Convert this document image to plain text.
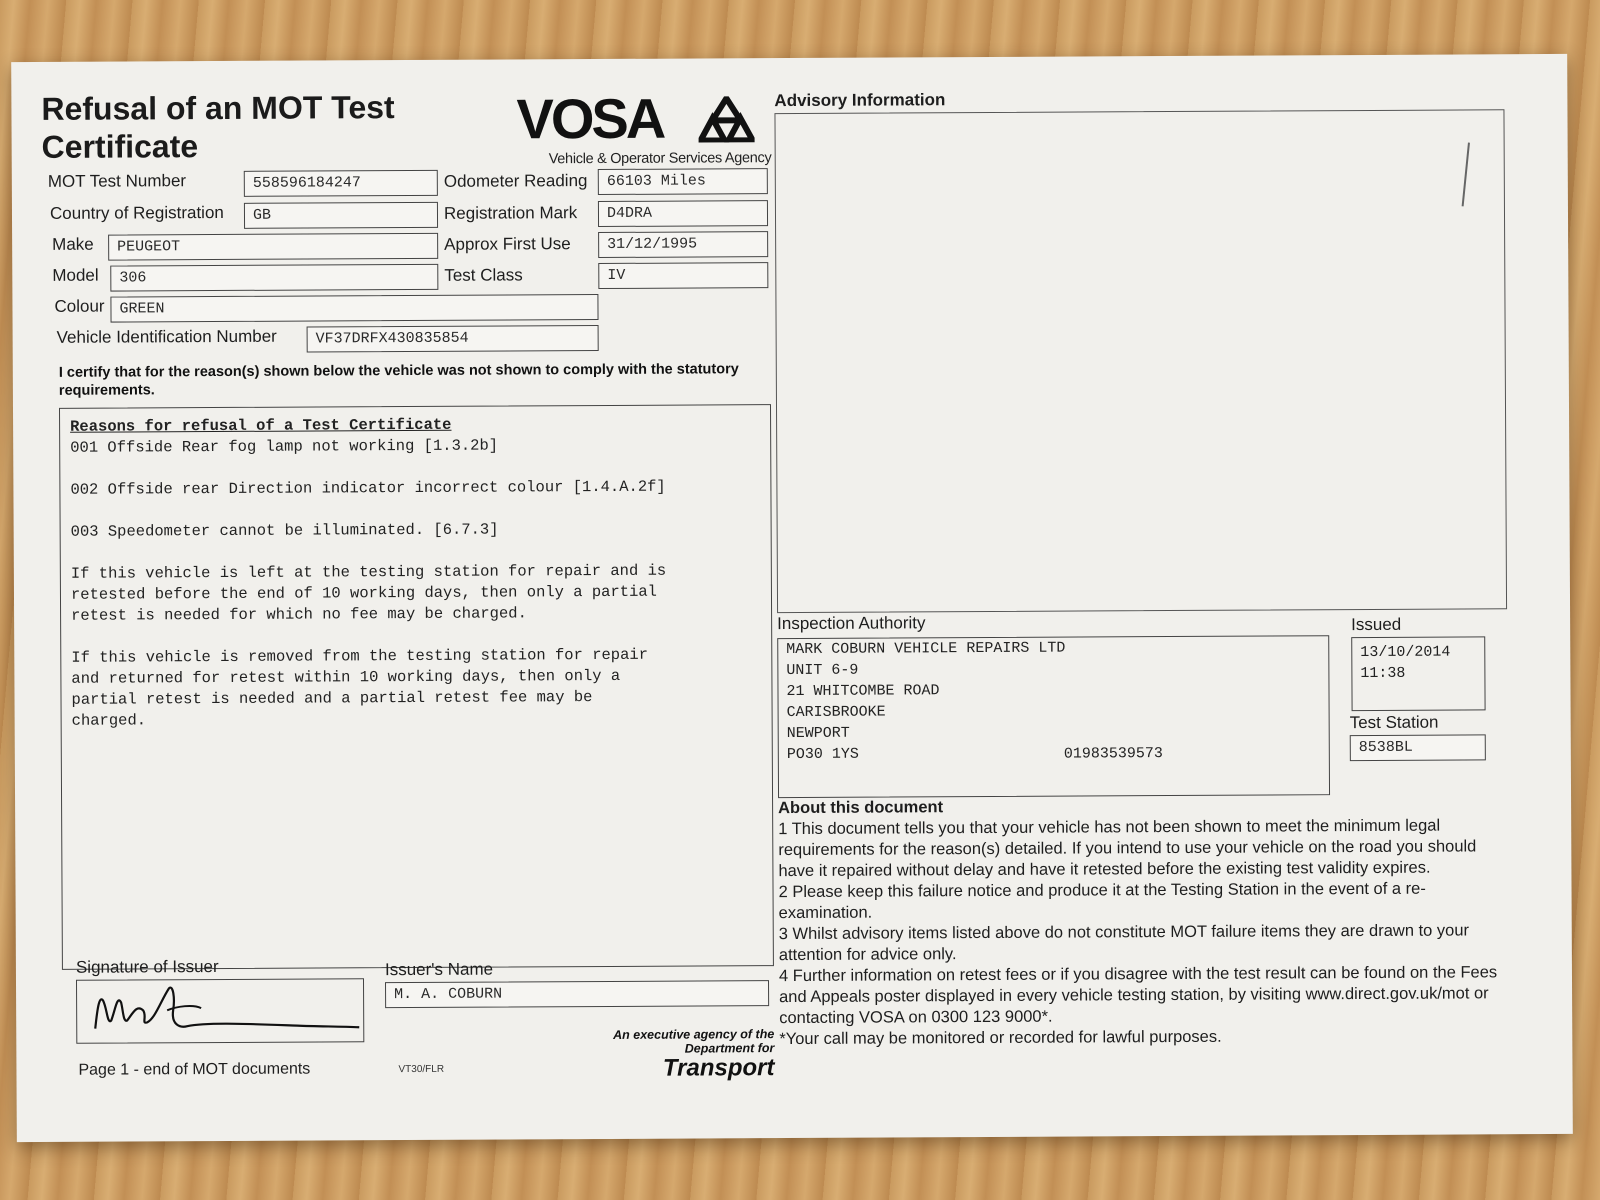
Refusal of an MOT Test Certificate	VOSA
Vehicle & Operator Services Agency
MOT Test Number	558596184247	Odometer Reading	66103 Miles
Country of Registration	GB	Registration Mark	D4DRA
Make	PEUGEOT	Approx First Use	31/12/1995
Model	306	Test Class	IV
Colour GREEN
Vehicle Identification Number	VF37DRFX430835854
I certify that for the reason(s) shown below the vehicle was not shown to comply with the statutory requirements.

Reasons for refusal of a Test Certificate

001 Offside Rear fog lamp not working [1.3.2b]

002 Offside rear Direction indicator incorrect colour [1.4.A.2f]

003 Speedometer cannot be illuminated. [6.7.3]

If this vehicle is left at the testing station for repair and is

retested before the end of 10 working days, then only a partial

retest is needed for which no fee may be charged.

If this vehicle is removed from the testing station for repair

and returned for retest within 10 working days, then only a

partial retest is needed and a partial retest fee may be

charged.

Advisory Information
Inspection Authority
MARK COBURN VEHICLE REPAIRS LTD
UNIT 6-9
21 WHITCOMBE ROAD
CARISBROOKE
NEWPORT
PO30 1YS	01983539573
Issued
13/10/2014
11:38
Test Station
8538BL
About this document
1 This document tells you that your vehicle has not been shown to meet the minimum legal requirements for the reason(s) detailed. If you intend to use your vehicle on the road you should have it repaired without delay and have it retested before the existing test validity expires.
2 Please keep this failure notice and produce it at the Testing Station in the event of a re-examination.
3 Whilst advisory items listed above do not constitute MOT failure items they are drawn to your attention for advice only.
4 Further information on retest fees or if you disagree with the test result can be found on the Fees and Appeals poster displayed in every vehicle testing station, by visiting www.direct.gov.uk/mot or contacting VOSA on 0300 123 9000*.
*Your call may be monitored or recorded for lawful purposes.
Signature of Issuer	Issuer's Name
M. A. COBURN
Page 1 - end of MOT documents	VT30/FLR
An executive agency of the
Department for
Transport
